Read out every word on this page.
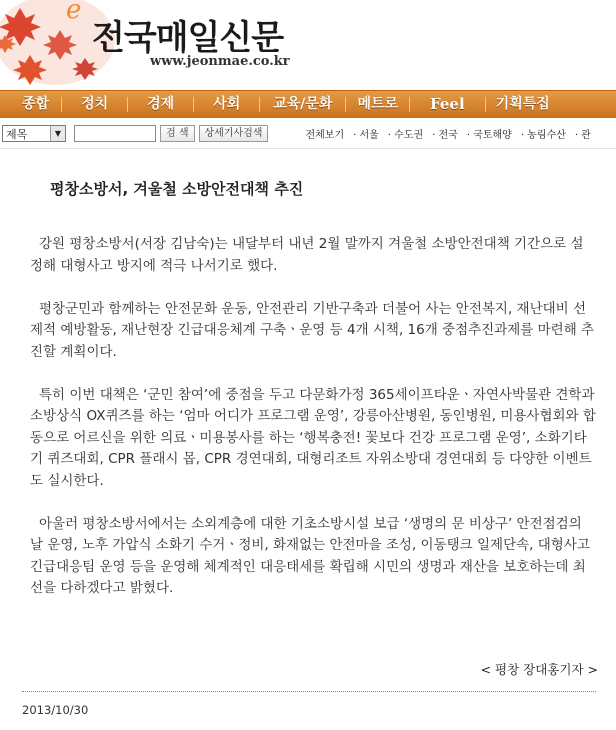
e
전국매일신문
www.jeonmae.co.kr
종합	정치	경제	사회	교육/문화	메트로	Feel	기획특집
제목	▼	검 색	상세기사검색	전체보기 · 서울 · 수도권 · 전국 · 국토해양 · 농림수산 · 관
평창소방서, 겨울철 소방안전대책 추진

강원 평창소방서(서장 김남숙)는 내달부터 내년 2월 말까지 겨울철 소방안전대책 기간으로 설정해 대형사고 방지에 적극 나서기로 했다.

평창군민과 함께하는 안전문화 운동, 안전관리 기반구축과 더불어 사는 안전복지, 재난대비 선제적 예방활동, 재난현장 긴급대응체계 구축ㆍ운영 등 4개 시책, 16개 중점추진과제를 마련해 추진할 계획이다.

특히 이번 대책은 ‘군민 참여’에 중점을 두고 다문화가정 365세이프타운ㆍ자연사박물관 견학과 소방상식 OX퀴즈를 하는 ‘엄마 어디가 프로그램 운영’, 강릉아산병원, 동인병원, 미용사협회와 합동으로 어르신을 위한 의료ㆍ미용봉사를 하는 ‘행복충전! 꽃보다 건강 프로그램 운영’, 소화기타기 퀴즈대회, CPR 플래시 몹, CPR 경연대회, 대형리조트 자위소방대 경연대회 등 다양한 이벤트도 실시한다.

아울러 평창소방서에서는 소외계층에 대한 기초소방시설 보급 ‘생명의 문 비상구’ 안전점검의 날 운영, 노후 가압식 소화기 수거ㆍ정비, 화재없는 안전마을 조성, 이동탱크 일제단속, 대형사고 긴급대응팀 운영 등을 운영해 체계적인 대응태세를 확립해 시민의 생명과 재산을 보호하는데 최선을 다하겠다고 밝혔다.

< 평창 장대홍기자 >
2013/10/30
